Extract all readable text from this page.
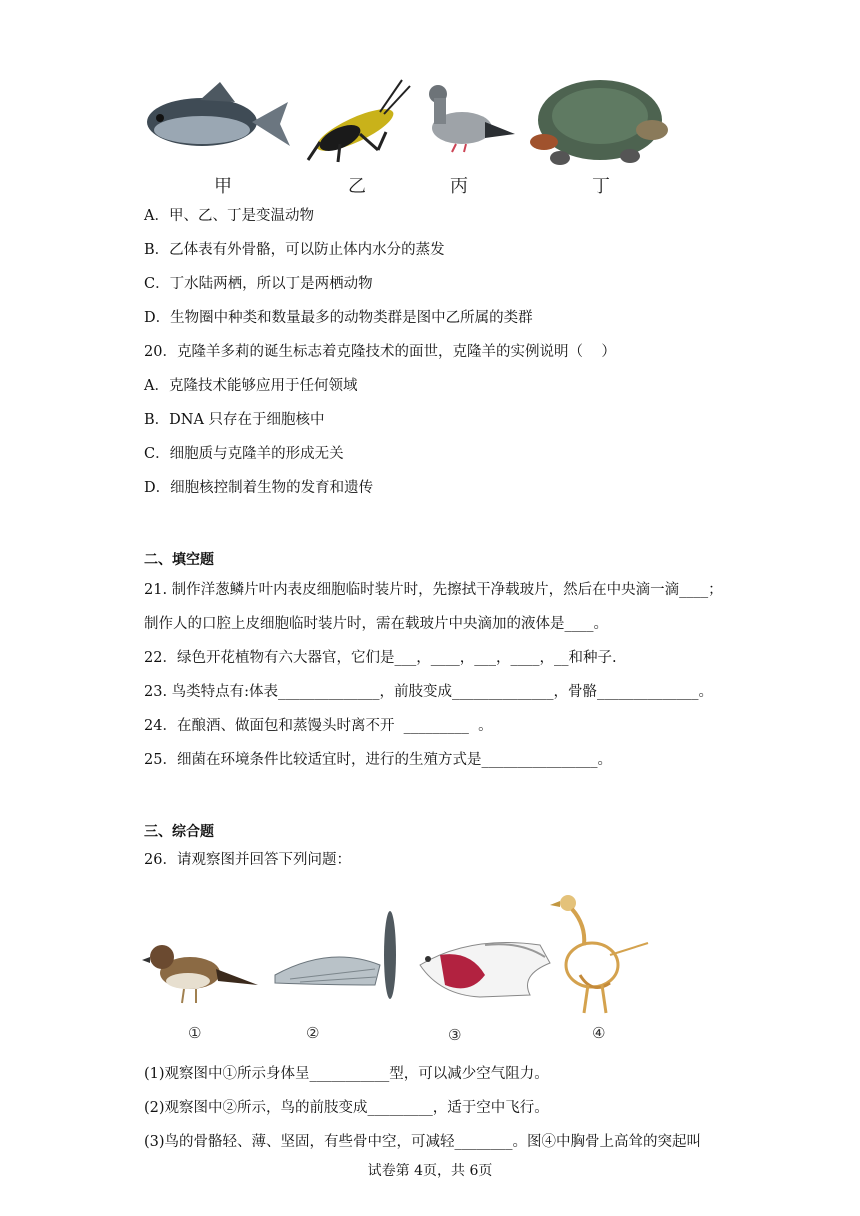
甲	乙	丙	丁
A．甲、乙、丁是变温动物
B．乙体表有外骨骼，可以防止体内水分的蒸发
C．丁水陆两栖，所以丁是两栖动物
D．生物圈中种类和数量最多的动物类群是图中乙所属的类群
20．克隆羊多莉的诞生标志着克隆技术的面世，克隆羊的实例说明（    ）
A．克隆技术能够应用于任何领域
B．DNA 只存在于细胞核中
C．细胞质与克隆羊的形成无关
D．细胞核控制着生物的发育和遗传
二、填空题
21. 制作洋葱鳞片叶内表皮细胞临时装片时，先擦拭干净载玻片，然后在中央滴一滴____；
制作人的口腔上皮细胞临时装片时，需在载玻片中央滴加的液体是____。
22．绿色开花植物有六大器官，它们是___，____，___，____，__和种子.
23. 鸟类特点有:体表______________，前肢变成______________，骨骼______________。
24．在酿酒、做面包和蒸馒头时离不开  _________  。
25．细菌在环境条件比较适宜时，进行的生殖方式是________________。
三、综合题
26．请观察图并回答下列问题：
①	②	③	④
(1)观察图中①所示身体呈___________型，可以减少空气阻力。
(2)观察图中②所示，鸟的前肢变成_________，适于空中飞行。
(3)鸟的骨骼轻、薄、坚固，有些骨中空，可减轻________。图④中胸骨上高耸的突起叫
试卷第 4页，共 6页
